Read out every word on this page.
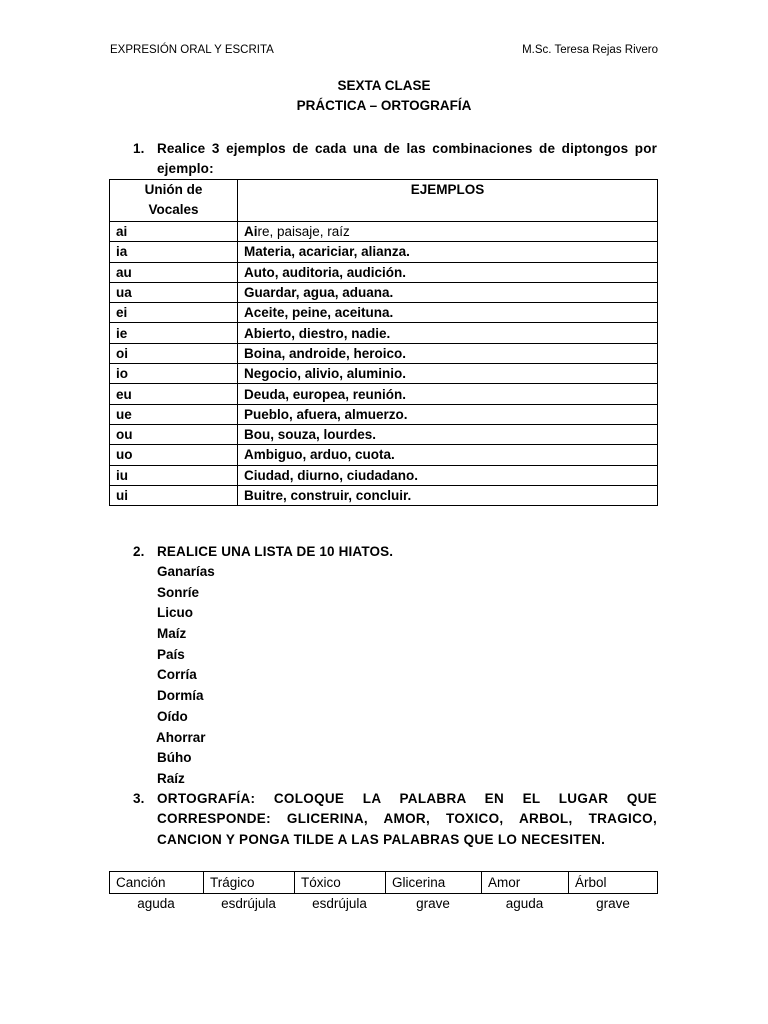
EXPRESIÓN ORAL Y ESCRITA	M.Sc. Teresa Rejas Rivero
SEXTA CLASE
PRÁCTICA – ORTOGRAFÍA
1. Realice 3 ejemplos de cada una de las combinaciones de diptongos por ejemplo:
Unión de
Vocales	EJEMPLOS
ai	Aire, paisaje, raíz
ia	Materia, acariciar, alianza.
au	Auto, auditoria, audición.
ua	Guardar, agua, aduana.
ei	Aceite, peine, aceituna.
ie	Abierto, diestro, nadie.
oi	Boina, androide, heroico.
io	Negocio, alivio, aluminio.
eu	Deuda, europea, reunión.
ue	Pueblo, afuera, almuerzo.
ou	Bou, souza, lourdes.
uo	Ambiguo, arduo, cuota.
iu	Ciudad, diurno, ciudadano.
ui	Buitre, construir, concluir.
2. REALICE UNA LISTA DE 10 HIATOS.
Ganarías
Sonríe
Licuo
Maíz
País
Corría
Dormía
Oído
Ahorrar
Búho
Raíz
3. ORTOGRAFÍA: COLOQUE LA PALABRA EN EL LUGAR QUE CORRESPONDE: GLICERINA, AMOR, TOXICO, ARBOL, TRAGICO, CANCION Y PONGA TILDE A LAS PALABRAS QUE LO NECESITEN.
Canción	Trágico	Tóxico	Glicerina	Amor	Árbol
aguda	esdrújula	esdrújula	grave	aguda	grave
